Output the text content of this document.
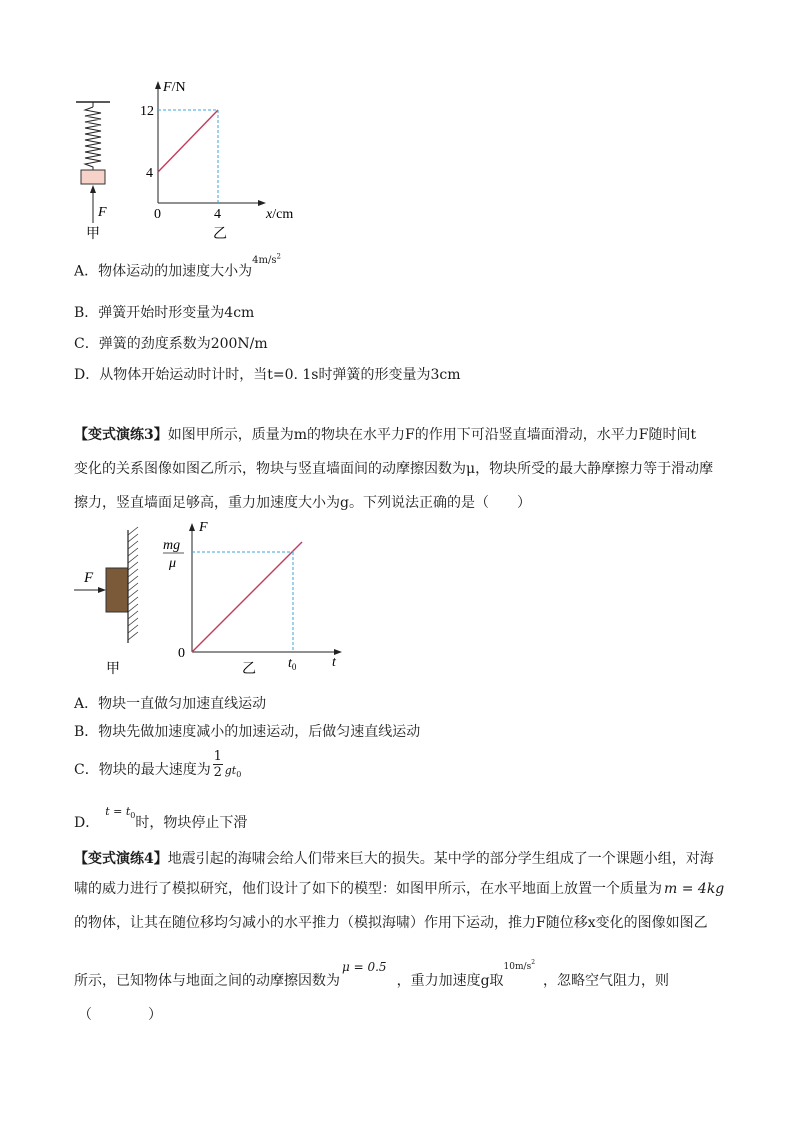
F
甲
F/N
12
4
0	4	x/cm
乙
A．物体运动的加速度大小为$^{4m/s^2}$
B．弹簧开始时形变量为4cm
C．弹簧的劲度系数为200N/m
D．从物体开始运动时计时，当t=0. 1s时弹簧的形变量为3cm
【变式演练3】如图甲所示，质量为m的物块在水平力F的作用下可沿竖直墙面滑动，水平力F随时间t
变化的关系图像如图乙所示，物块与竖直墙面间的动摩擦因数为μ，物块所受的最大静摩擦力等于滑动摩
擦力，竖直墙面足够高，重力加速度大小为g。下列说法正确的是（　　）
F
甲
F
t
0
mg
μ
$t_0$
乙
A．物块一直做匀加速直线运动
B．物块先做加速度减小的加速运动，后做匀速直线运动
C．物块的最大速度为 $\frac{1}{2} _{gt0}$
D．t = t0时，物块停止下滑
【变式演练4】地震引起的海啸会给人们带来巨大的损失。某中学的部分学生组成了一个课题小组，对海
啸的威力进行了模拟研究，他们设计了如下的模型：如图甲所示，在水平地面上放置一个质量为 m = 4kg
的物体，让其在随位移均匀减小的水平推力（模拟海啸）作用下运动，推力F随位移x变化的图像如图乙
所示，已知物体与地面之间的动摩擦因数为μ = 0.5，重力加速度g取$^{10m/s2}$，忽略空气阻力，则
（　　　　）
